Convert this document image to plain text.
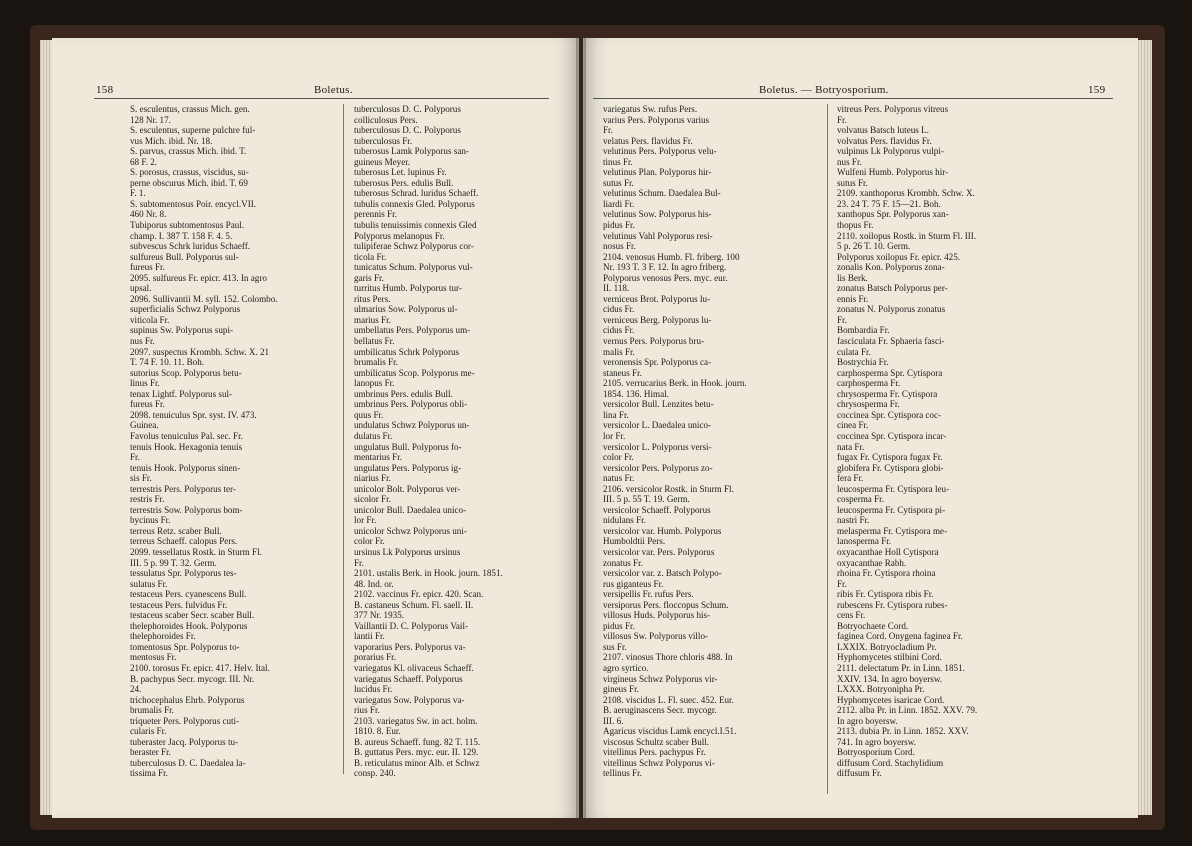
158	Boletus.
S. esculentus, crassus Mich. gen.
128 Nr. 17.
S. esculentus, superne pulchre ful-
vus Mich. ibid. Nr. 18.
S. parvus, crassus Mich. ibid. T.
68 F. 2.
S. porosus, crassus, viscidus, su-
perne obscurus Mich. ibid. T. 69
F. 1.
S. subtomentosus Poir. encycl.VII.
460 Nr. 8.
Tubiporus subtomentosus Paul.
champ. I. 387 T. 158 F. 4. 5.
subvescus Schrk luridus Schaeff.
sulfureus Bull. Polyporus sul-
fureus Fr.
2095. sulfureus Fr. epicr. 413. In agro
upsal.
2096. Sullivantii M. syll. 152. Colombo.
superficialis Schwz Polyporus
viticola Fr.
supinus Sw. Polyporus supi-
nus Fr.
2097. suspectus Krombh. Schw. X. 21
T. 74 F. 10. 11. Boh.
sutorius Scop. Polyporus betu-
linus Fr.
tenax Lightf. Polyporus sul-
fureus Fr.
2098. tenuiculus Spr. syst. IV. 473.
Guinea.
Favolus tenuiculus Pal. sec. Fr.
tenuis Hook. Hexagonia tenuis
Fr.
tenuis Hook. Polyporus sinen-
sis Fr.
terrestris Pers. Polyporus ter-
restris Fr.
terrestris Sow. Polyporus bom-
bycinus Fr.
terreus Retz. scaber Bull.
terreus Schaeff. calopus Pers.
2099. tessellatus Rostk. in Sturm Fl.
III. 5 p. 99 T. 32. Germ.
tessulatus Spr. Polyporus tes-
sulatus Fr.
testaceus Pers. cyanescens Bull.
testaceus Pers. fulvidus Fr.
testaceus scaber Secr. scaber Bull.
thelephoroides Hook. Polyporus
thelephoroides Fr.
tomentosus Spr. Polyporus to-
mentosus Fr.
2100. torosus Fr. epicr. 417. Helv. Ital.
B. pachypus Secr. mycogr. III. Nr.
24.
trichocephalus Ehrb. Polyporus
brumalis Fr.
triqueter Pers. Polyporus cuti-
cularis Fr.
tuberaster Jacq. Polyporus tu-
beraster Fr.
tuberculosus D. C. Daedalea la-
tissima Fr.
tuberculosus D. C. Polyporus
colliculosus Pers.
tuberculosus D. C. Polyporus
tuberculosus Fr.
tuberosus Lamk Polyporus san-
guineus Meyer.
tuberosus Let. lupinus Fr.
tuberosus Pers. edulis Bull.
tuberosus Schrad. luridus Schaeff.
tubulis connexis Gled. Polyporus
perennis Fr.
tubulis tenuissimis connexis Gled
Polyporus melanopus Fr.
tulipiferae Schwz Polyporus cor-
ticola Fr.
tunicatus Schum. Polyporus vul-
garis Fr.
turritus Humb. Polyporus tur-
ritus Pers.
ulmarius Sow. Polyporus ul-
marius Fr.
umbellatus Pers. Polyporus um-
bellatus Fr.
umbilicatus Schrk Polyporus
brumalis Fr.
umbilicatus Scop. Polyporus me-
lanopus Fr.
umbrinus Pers. edulis Bull.
umbrinus Pers. Polyporus obli-
quus Fr.
undulatus Schwz Polyporus un-
dulatus Fr.
ungulatus Bull. Polyporus fo-
mentarius Fr.
ungulatus Pers. Polyporus ig-
niarius Fr.
unicolor Bolt. Polyporus ver-
sicolor Fr.
unicolor Bull. Daedalea unico-
lor Fr.
unicolor Schwz Polyporus uni-
color Fr.
ursinus Lk Polyporus ursinus
Fr.
2101. ustalis Berk. in Hook. journ. 1851.
48. Ind. or.
2102. vaccinus Fr. epicr. 420. Scan.
B. castaneus Schum. Fl. saell. II.
377 Nr. 1935.
Vaillantii D. C. Polyporus Vail-
lantii Fr.
vaporarius Pers. Polyporus va-
porarius Fr.
variegatus Kl. olivaceus Schaeff.
variegatus Schaeff. Polyporus
lucidus Fr.
variegatus Sow. Polyporus va-
rius Fr.
2103. variegatus Sw. in act. holm.
1810. 8. Eur.
B. aureus Schaeff. fung. 82 T. 115.
B. guttatus Pers. myc. eur. II. 129.
B. reticulatus minor Alb. et Schwz
consp. 240.
Boletus. — Botryosporium.	159
variegatus Sw. rufus Pers.
varius Pers. Polyporus varius
Fr.
velatus Pers. flavidus Fr.
velutinus Pers. Polyporus velu-
tinus Fr.
velutinus Plan. Polyporus hir-
sutus Fr.
velutinus Schum. Daedalea Bul-
liardi Fr.
velutinus Sow. Polyporus his-
pidus Fr.
velutinus Vahl Polyporus resi-
nosus Fr.
2104. venosus Humb. Fl. friberg. 100
Nr. 193 T. 3 F. 12. In agro friberg.
Polyporus venosus Pers. myc. eur.
II. 118.
verniceus Brot. Polyporus lu-
cidus Fr.
verniceus Berg. Polyporus lu-
cidus Fr.
vernus Pers. Polyporus bru-
malis Fr.
veronensis Spr. Polyporus ca-
staneus Fr.
2105. verrucarius Berk. in Hook. journ.
1854. 136. Himal.
versicolor Bull. Lenzites betu-
lina Fr.
versicolor L. Daedalea unico-
lor Fr.
versicolor L. Polyporus versi-
color Fr.
versicolor Pers. Polyporus zo-
natus Fr.
2106. versicolor Rostk. in Sturm Fl.
III. 5 p. 55 T. 19. Germ.
versicolor Schaeff. Polyporus
nidulans Fr.
versicolor var. Humb. Polyporus
Humboldtii Pers.
versicolor var. Pers. Polyporus
zonatus Fr.
versicolor var. z. Batsch Polypo-
rus giganteus Fr.
versipellis Fr. rufus Pers.
versiporus Pers. floccopus Schum.
villosus Huds. Polyporus his-
pidus Fr.
villosus Sw. Polyporus villo-
sus Fr.
2107. vinosus Thore chloris 488. In
agro syrtico.
virgineus Schwz Polyporus vir-
gineus Fr.
2108. viscidus L. Fl. suec. 452. Eur.
B. aeruginascens Secr. mycogr.
III. 6.
Agaricus viscidus Lamk encycl.I.51.
viscosus Schultz scaber Bull.
vitellinus Pers. pachypus Fr.
vitellinus Schwz Polyporus vi-
tellinus Fr.
vitreus Pers. Polyporus vitreus
Fr.
volvatus Batsch luteus L.
volvatus Pers. flavidus Fr.
vulpinus Lk Polyporus vulpi-
nus Fr.
Wulfeni Humb. Polyporus hir-
sutus Fr.
2109. xanthoporus Krombh. Schw. X.
23. 24 T. 75 F. 15—21. Boh.
xanthopus Spr. Polyporus xan-
thopus Fr.
2110. xoilopus Rostk. in Sturm Fl. III.
5 p. 26 T. 10. Germ.
Polyporus xoilopus Fr. epicr. 425.
zonalis Kon. Polyporus zona-
lis Berk.
zonatus Batsch Polyporus per-
ennis Fr.
zonatus N. Polyporus zonatus
Fr.
Bombardia Fr.
fasciculata Fr. Sphaeria fasci-
culata Fr.
Bostrychia Fr.
carphosperma Spr. Cytispora
carphosperma Fr.
chrysosperma Fr. Cytispora
chrysosperma Fr.
coccinea Spr. Cytispora coc-
cinea Fr.
coccinea Spr. Cytispora incar-
nata Fr.
fugax Fr. Cytispora fugax Fr.
globifera Fr. Cytispora globi-
fera Fr.
leucosperma Fr. Cytispora leu-
cosperma Fr.
leucosperma Fr. Cytispora pi-
nastri Fr.
melasperma Fr. Cytispora me-
lanosperma Fr.
oxyacanthae Holl Cytispora
oxyacanthae Rabh.
rhoina Fr. Cytispora rhoina
Fr.
ribis Fr. Cytispora ribis Fr.
rubescens Fr. Cytispora rubes-
cens Fr.
Botryochaete Cord.
faginea Cord. Onygena faginea Fr.
LXXIX. Botryocladium Pr.
Hyphomycetes stilbini Cord.
2111. delectatum Pr. in Linn. 1851.
XXIV. 134. In agro boyersw.
LXXX. Botryoniphа Pr.
Hyphomycetes isaricae Cord.
2112. alba Pr. in Linn. 1852. XXV. 79.
In agro boyersw.
2113. dubia Pr. in Linn. 1852. XXV.
741. In agro boyersw.
Botryosporium Cord.
diffusum Cord. Stachylidium
diffusum Fr.
